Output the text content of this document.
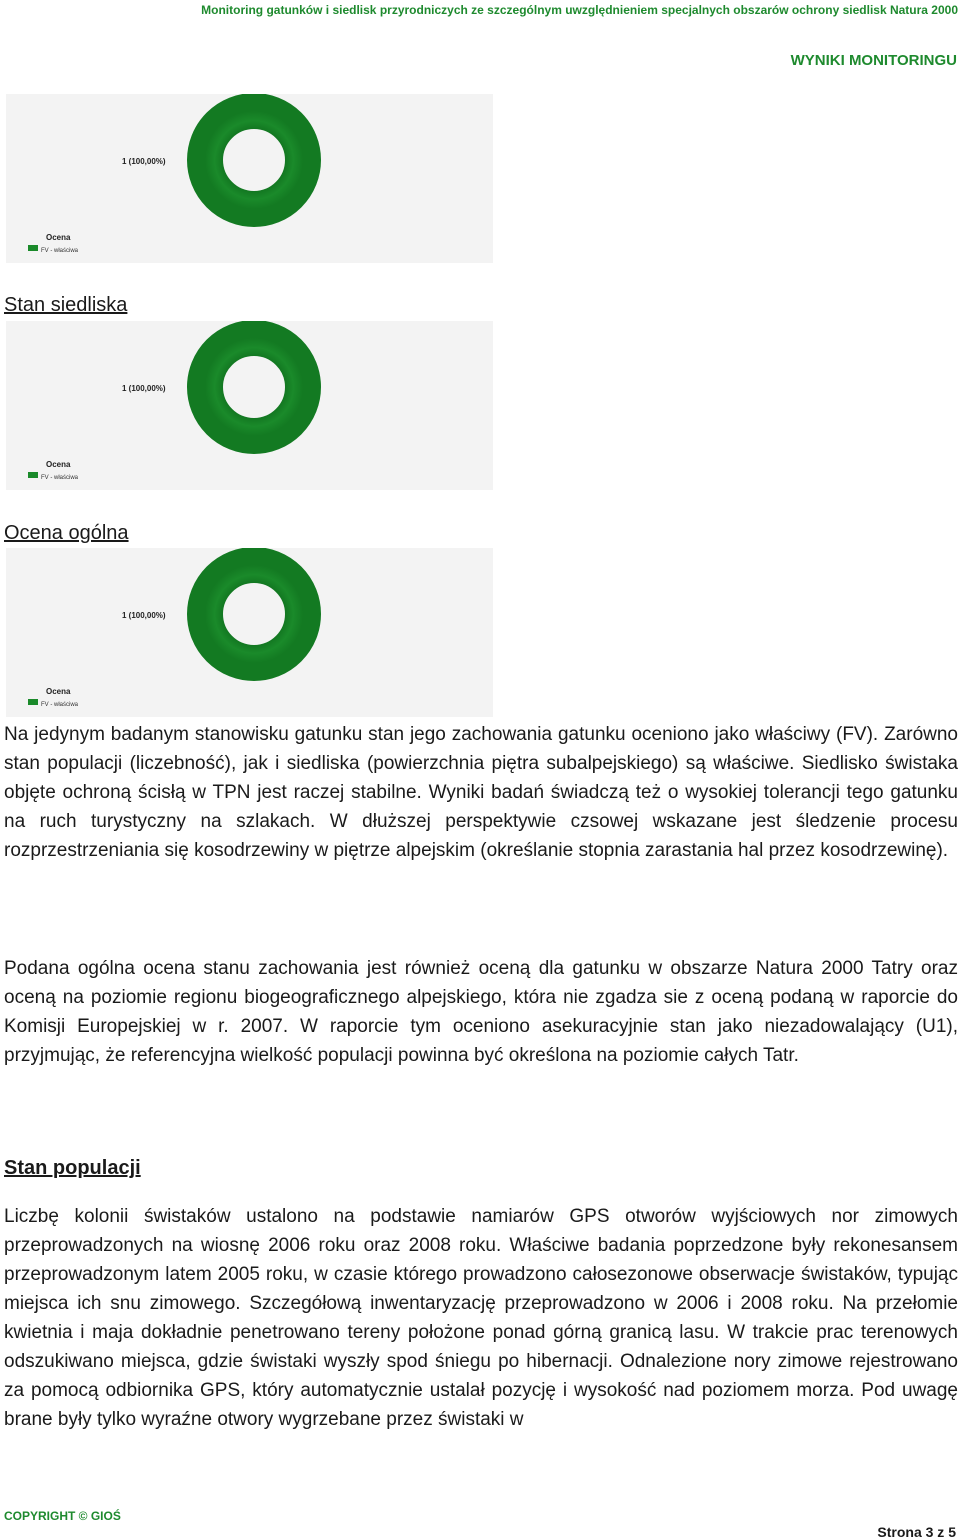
Monitoring gatunków i siedlisk przyrodniczych ze szczególnym uwzględnieniem specjalnych obszarów ochrony siedlisk Natura 2000
WYNIKI MONITORINGU
1 (100,00%)
Ocena
FV - właściwa
Stan siedliska
1 (100,00%)
Ocena
FV - właściwa
Ocena ogólna
1 (100,00%)
Ocena
FV - właściwa

Na jedynym badanym stanowisku gatunku stan jego zachowania gatunku oceniono jako właściwy (FV). Zarówno stan populacji (liczebność), jak i siedliska (powierzchnia piętra subalpejskiego) są właściwe. Siedlisko świstaka objęte ochroną ścisłą w TPN jest raczej stabilne. Wyniki badań świadczą też o wysokiej tolerancji tego gatunku na ruch turystyczny na szlakach. W dłuższej perspektywie czsowej wskazane jest śledzenie procesu rozprzestrzeniania się kosodrzewiny w piętrze alpejskim (określanie stopnia zarastania hal przez kosodrzewinę).

Podana ogólna ocena stanu zachowania jest również oceną dla gatunku w obszarze Natura 2000 Tatry oraz oceną na poziomie regionu biogeograficznego alpejskiego, która nie zgadza sie z oceną podaną w raporcie do Komisji Europejskiej w r. 2007. W raporcie tym oceniono asekuracyjnie stan jako niezadowalający (U1), przyjmując, że referencyjna wielkość populacji powinna być określona na poziomie całych Tatr.

Stan populacji

Liczbę kolonii świstaków ustalono na podstawie namiarów GPS otworów wyjściowych nor zimowych przeprowadzonych na wiosnę 2006 roku oraz 2008 roku. Właściwe badania poprzedzone były rekonesansem przeprowadzonym latem 2005 roku, w czasie którego prowadzono całosezonowe obserwacje świstaków, typując miejsca ich snu zimowego. Szczegółową inwentaryzację przeprowadzono w 2006 i 2008 roku. Na przełomie kwietnia i maja dokładnie penetrowano tereny położone ponad górną granicą lasu. W trakcie prac terenowych odszukiwano miejsca, gdzie świstaki wyszły spod śniegu po hibernacji. Odnalezione nory zimowe rejestrowano za pomocą odbiornika GPS, który automatycznie ustalał pozycję i wysokość nad poziomem morza. Pod uwagę brane były tylko wyraźne otwory wygrzebane przez świstaki w

COPYRIGHT © GIOŚ
Strona 3 z 5
